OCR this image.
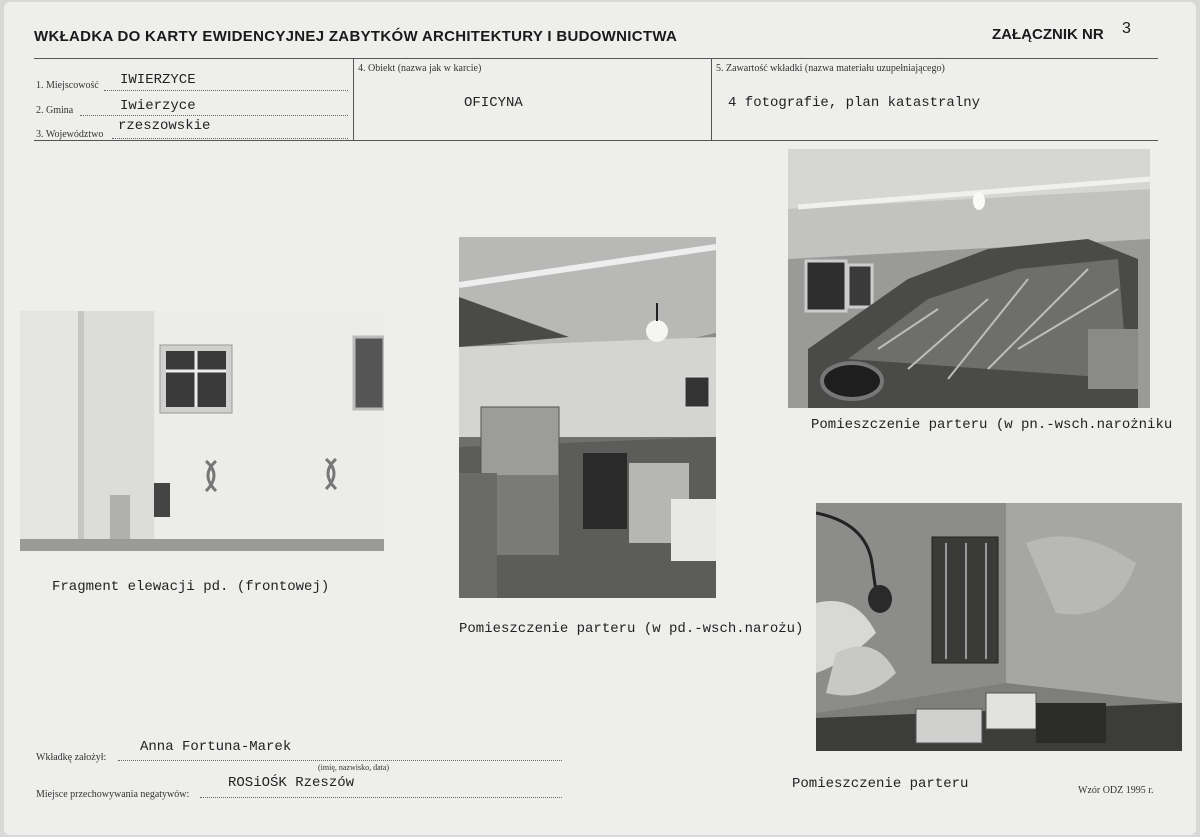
WKŁADKA DO KARTY EWIDENCYJNEJ ZABYTKÓW ARCHITEKTURY I BUDOWNICTWA	ZAŁĄCZNIK NR 3
1. Miejscowość IWIERZYCE
2. Gmina	Iwierzyce
3. Województwo
rzeszowskie
4. Obiekt (nazwa jak w karcie)
OFICYNA
5. Zawartość wkładki (nazwa materiału uzupełniającego)
4 fotografie, plan katastralny
Fragment elewacji pd. (frontowej)
Pomieszczenie parteru (w pd.-wsch.narożu)
Pomieszczenie parteru (w pn.-wsch.narożniku
Pomieszczenie parteru
Wkładkę założył:
Anna Fortuna-Marek
(imię, nazwisko, data)
Miejsce przechowywania negatywów:
ROSiOŚK Rzeszów	Wzór ODZ 1995 r.
